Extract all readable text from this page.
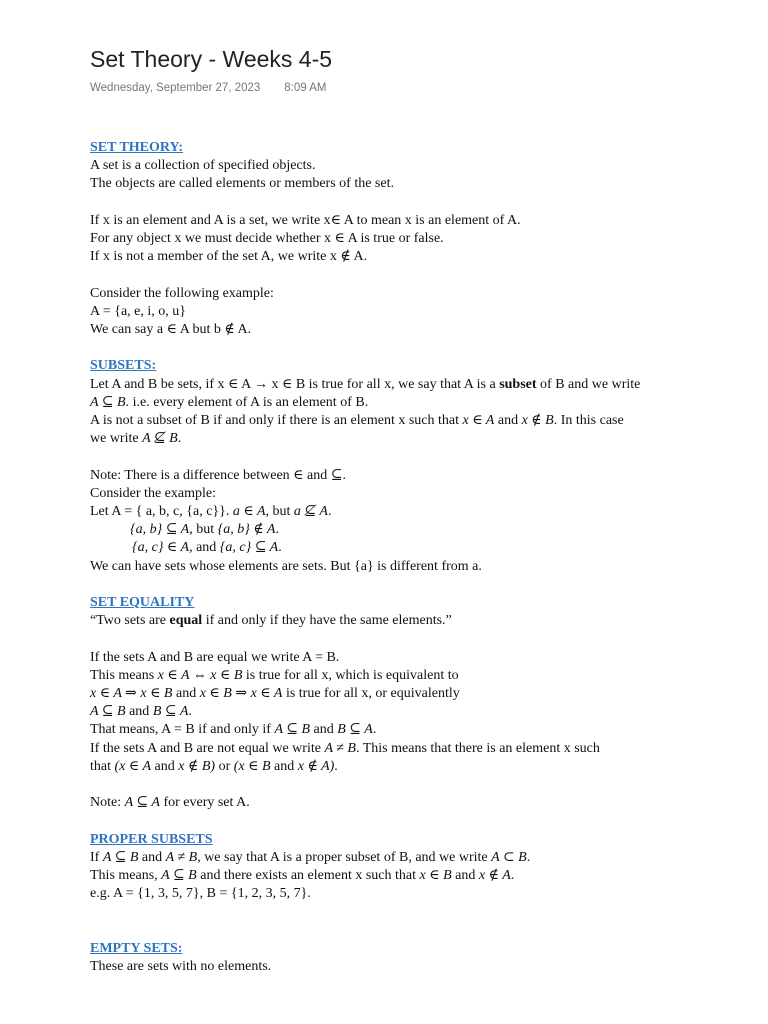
Set Theory - Weeks 4-5
Wednesday, September 27, 2023 8:09 AM
SET THEORY:
A set is a collection of specified objects.
The objects are called elements or members of the set.
If x is an element and A is a set, we write x∈ A to mean x is an element of A.
For any object x we must decide whether x ∈ A is true or false.
If x is not a member of the set A, we write x ∉ A.
Consider the following example:
A = {a, e, i, o, u}
We can say a ∈ A but b ∉ A.
SUBSETS:
Let A and B be sets, if x ∈ A → x ∈ B is true for all x, we say that A is a subset of B and we write
A ⊆ B. i.e. every element of A is an element of B.
A is not a subset of B if and only if there is an element x such that x ∈ A and x ∉ B. In this case
we write A ⊈ B.
Note: There is a difference between ∈ and ⊆.
Consider the example:
Let A = { a, b, c, {a, c}}. a ∈ A, but a ⊈ A.
{a, b} ⊆ A, but {a, b} ∉ A.
{a, c} ∈ A, and {a, c} ⊆ A.
We can have sets whose elements are sets. But {a} is different from a.
SET EQUALITY
“Two sets are equal if and only if they have the same elements.”
If the sets A and B are equal we write A = B.
This means x ∈ A ⇔ x ∈ B is true for all x, which is equivalent to
x ∈ A ⇒ x ∈ B and x ∈ B ⇒ x ∈ A is true for all x, or equivalently
A ⊆ B and B ⊆ A.
That means, A = B if and only if A ⊆ B and B ⊆ A.
If the sets A and B are not equal we write A ≠ B. This means that there is an element x such
that (x ∈ A and x ∉ B) or (x ∈ B and x ∉ A).
Note: A ⊆ A for every set A.
PROPER SUBSETS
If A ⊆ B and A ≠ B, we say that A is a proper subset of B, and we write A ⊂ B.
This means, A ⊆ B and there exists an element x such that x ∈ B and x ∉ A.
e.g. A = {1, 3, 5, 7}, B = {1, 2, 3, 5, 7}.
EMPTY SETS:
These are sets with no elements.
